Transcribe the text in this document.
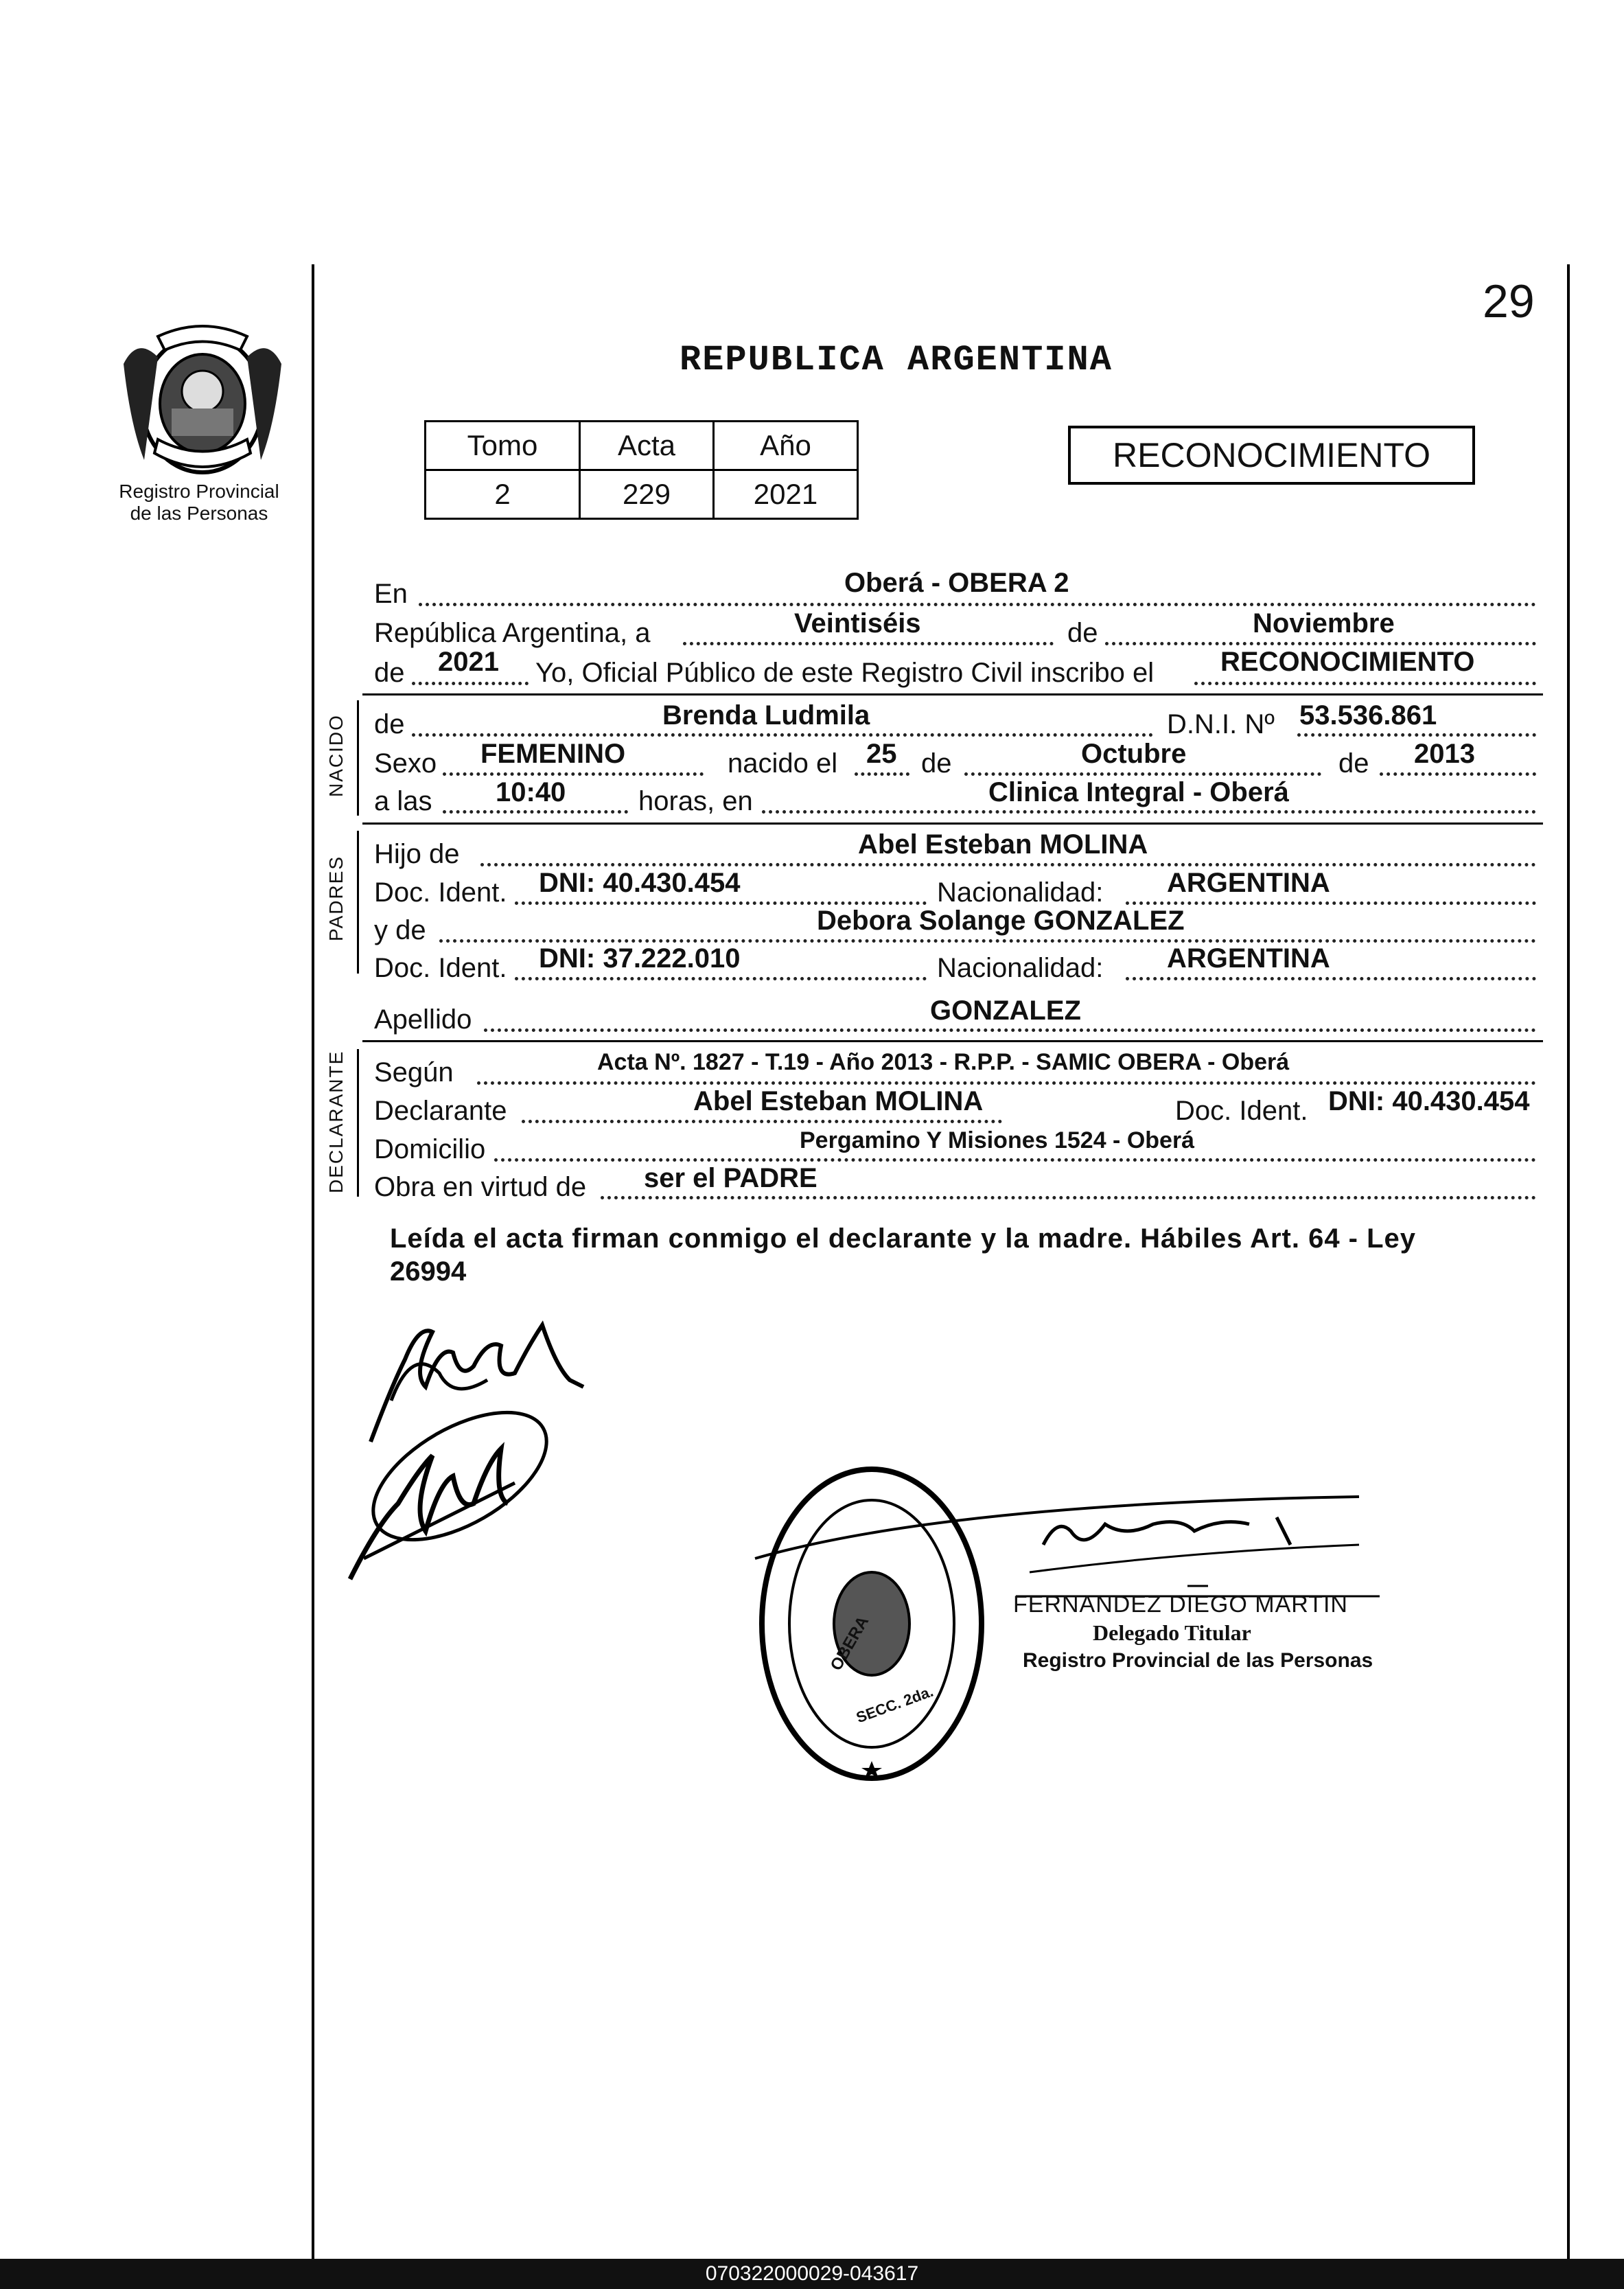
29
Registro Provincial
de las Personas
REPUBLICA ARGENTINA
Tomo	Acta	Año
2	229	2021
RECONOCIMIENTO
En	Oberá - OBERA 2
República Argentina, a	Veintiséis	de	Noviembre
de 2021 Yo, Oficial Público de este Registro Civil inscribo el RECONOCIMIENTO
NACIDO de	Brenda Ludmila	D.N.I. Nº 53.536.861
Sexo FEMENINO	nacido el 25 de	Octubre	de 2013
a las 10:40	horas, en	Clinica Integral - Oberá
PADRES
Hijo de	Abel Esteban MOLINA
Doc. Ident. DNI: 40.430.454	Nacionalidad: ARGENTINA
y de	Debora Solange GONZALEZ
Doc. Ident. DNI: 37.222.010	Nacionalidad: ARGENTINA
Apellido	GONZALEZ
DECLARANTE Según	Acta Nº. 1827 - T.19 - Año 2013 - R.P.P. - SAMIC OBERA - Oberá
Declarante	Abel Esteban MOLINA	Doc. Ident. DNI: 40.430.454
Domicilio	Pergamino Y Misiones 1524 - Oberá
Obra en virtud de ser el PADRE
Leída el acta firman conmigo el declarante y la madre. Hábiles Art. 64 - Ley
26994
OBERA
SECC. 2da.
FERNANDEZ DIEGO MARTIN
Delegado Titular
Registro Provincial de las Personas
070322000029-043617
